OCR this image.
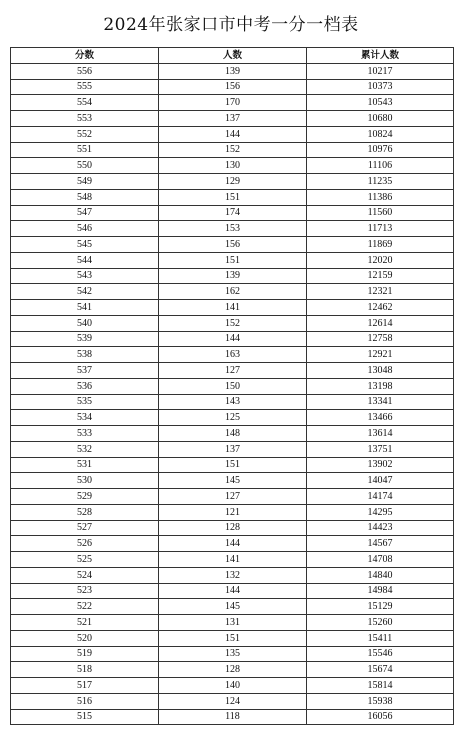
2024年张家口市中考一分一档表
分数	人数	累计人数
556	139	10217
555	156	10373
554	170	10543
553	137	10680
552	144	10824
551	152	10976
550	130	11106
549	129	11235
548	151	11386
547	174	11560
546	153	11713
545	156	11869
544	151	12020
543	139	12159
542	162	12321
541	141	12462
540	152	12614
539	144	12758
538	163	12921
537	127	13048
536	150	13198
535	143	13341
534	125	13466
533	148	13614
532	137	13751
531	151	13902
530	145	14047
529	127	14174
528	121	14295
527	128	14423
526	144	14567
525	141	14708
524	132	14840
523	144	14984
522	145	15129
521	131	15260
520	151	15411
519	135	15546
518	128	15674
517	140	15814
516	124	15938
515	118	16056
